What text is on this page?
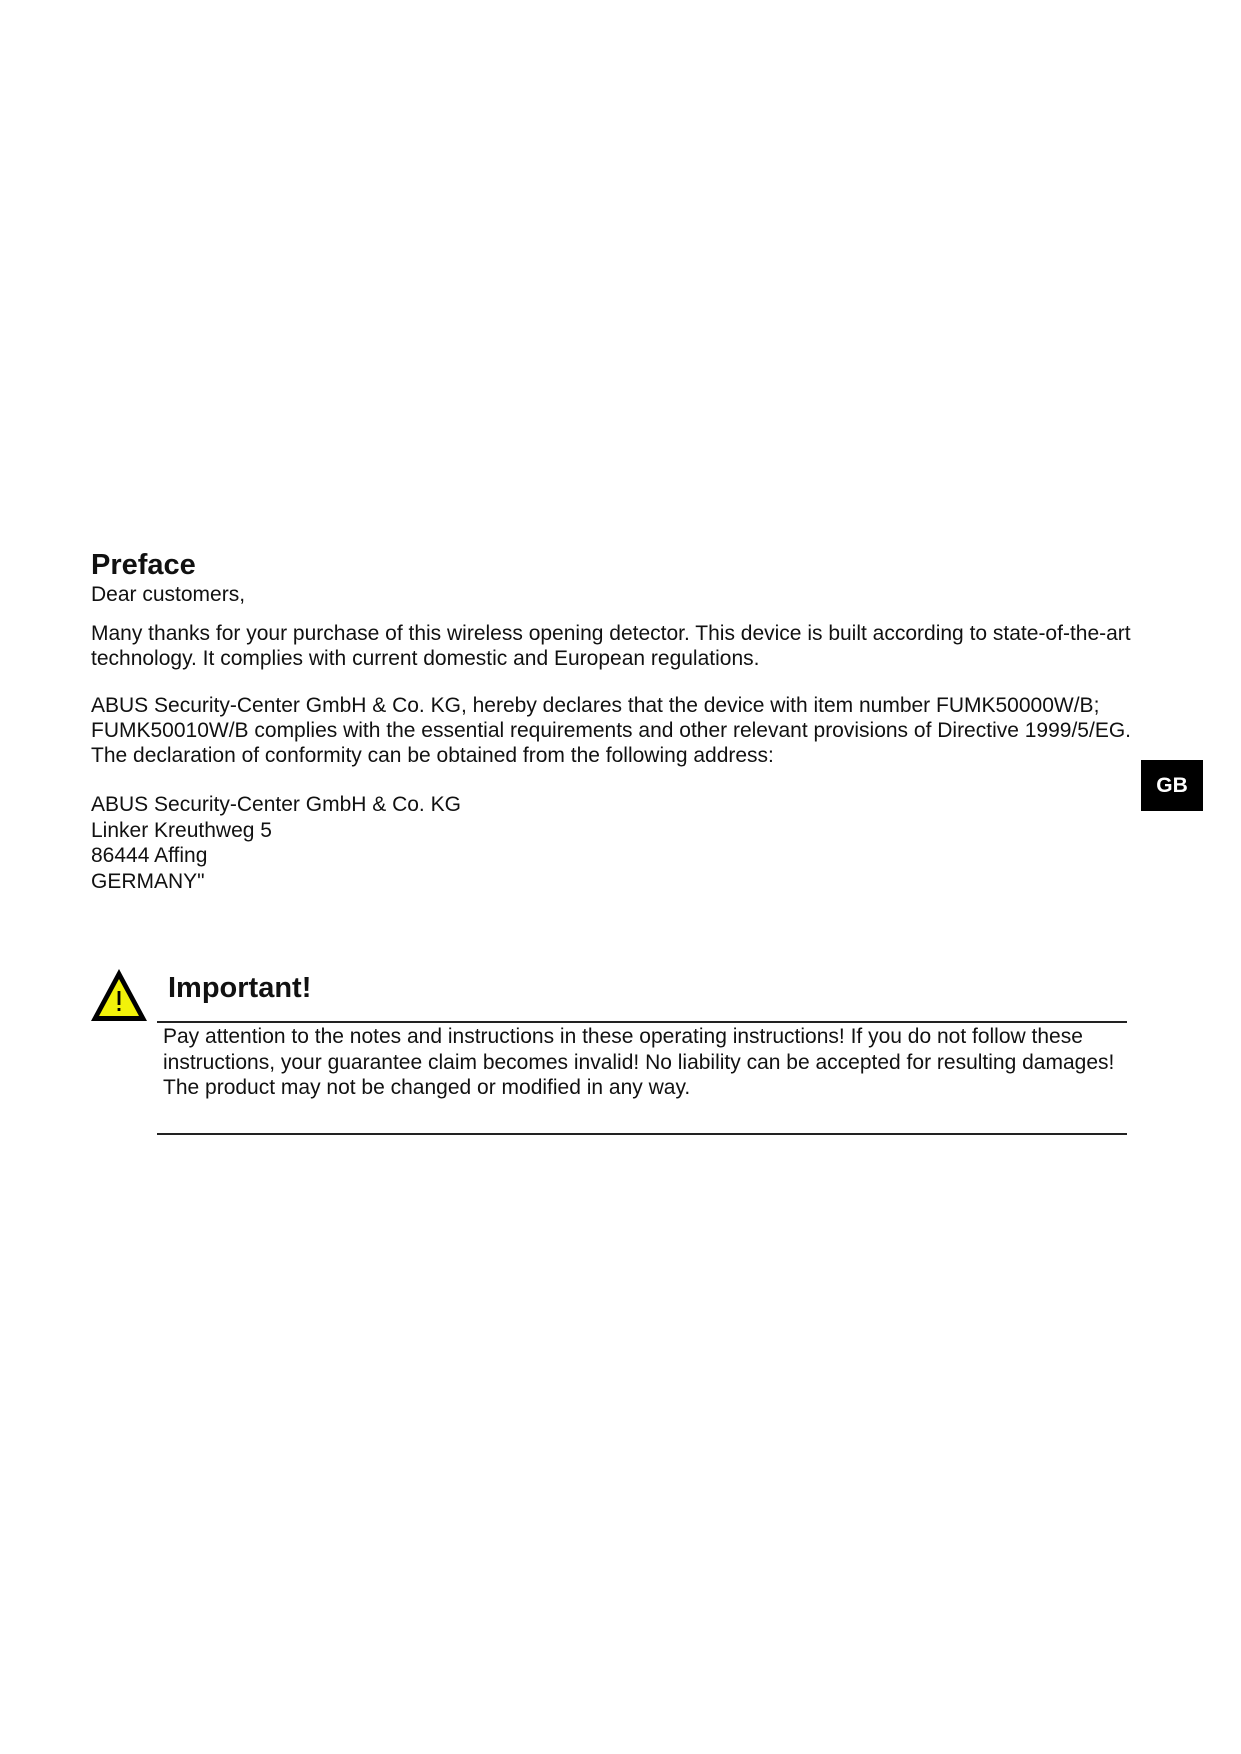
Preface

Dear customers,

Many thanks for your purchase of this wireless opening detector. This device is built according to state-of-the-art technology. It complies with current domestic and European regulations.

ABUS Security-Center GmbH & Co. KG, hereby declares that the device with item number FUMK50000W/B; FUMK50010W/B complies with the essential requirements and other relevant provisions of Directive 1999/5/EG. The declaration of conformity can be obtained from the following address:

ABUS Security-Center GmbH & Co. KG
Linker Kreuthweg 5
86444 Affing
GERMANY"
GB
Important!

Pay attention to the notes and instructions in these operating instructions! If you do not follow these instructions, your guarantee claim becomes invalid! No liability can be accepted for resulting damages!

The product may not be changed or modified in any way.
